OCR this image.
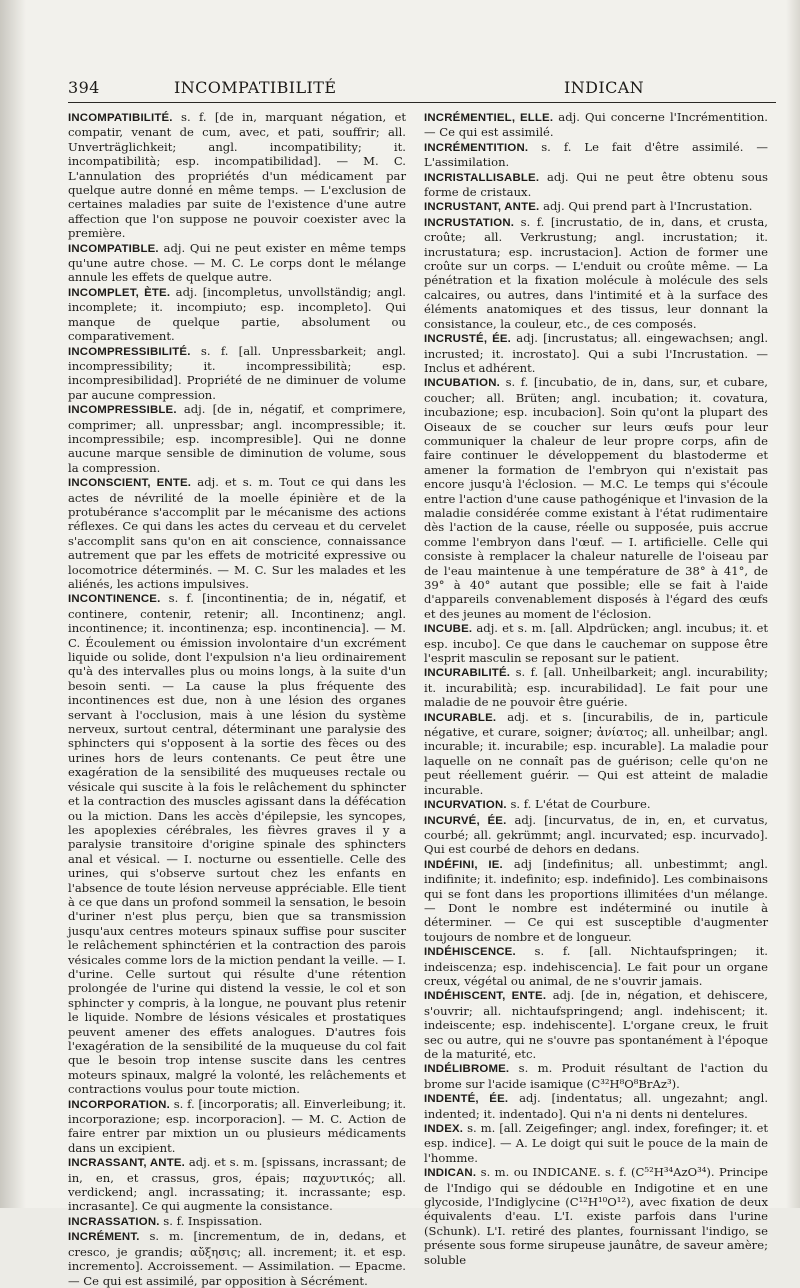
394	INCOMPATIBILITÉ	INDICAN

INCOMPATIBILITÉ. s. f. [de in, marquant négation, et compatir, venant de cum, avec, et pati, souffrir; all. Unverträglichkeit; angl. incompatibility; it. incompatibilità; esp. incompatibilidad]. — M. C. L'annulation des propriétés d'un médicament par quelque autre donné en même temps. — L'exclusion de certaines maladies par suite de l'existence d'une autre affection que l'on suppose ne pouvoir coexister avec la première.

INCOMPATIBLE. adj. Qui ne peut exister en même temps qu'une autre chose. — M. C. Le corps dont le mélange annule les effets de quelque autre.

INCOMPLET, ÈTE. adj. [incompletus, unvollständig; angl. incomplete; it. incompiuto; esp. incompleto]. Qui manque de quelque partie, absolument ou comparativement.

INCOMPRESSIBILITÉ. s. f. [all. Unpressbarkeit; angl. incompressibility; it. incompressibilità; esp. incompresibilidad]. Propriété de ne diminuer de volume par aucune compression.

INCOMPRESSIBLE. adj. [de in, négatif, et comprimere, comprimer; all. unpressbar; angl. incompressible; it. incompressibile; esp. incompresible]. Qui ne donne aucune marque sensible de diminution de volume, sous la compression.

INCONSCIENT, ENTE. adj. et s. m. Tout ce qui dans les actes de névrilité de la moelle épinière et de la protubérance s'accomplit par le mécanisme des actions réflexes. Ce qui dans les actes du cerveau et du cervelet s'accomplit sans qu'on en ait conscience, connaissance autrement que par les effets de motricité expressive ou locomotrice déterminés. — M. C. Sur les malades et les aliénés, les actions impulsives.

INCONTINENCE. s. f. [incontinentia; de in, négatif, et continere, contenir, retenir; all. Incontinenz; angl. incontinence; it. incontinenza; esp. incontinencia]. — M. C. Écoulement ou émission involontaire d'un excrément liquide ou solide, dont l'expulsion n'a lieu ordinairement qu'à des intervalles plus ou moins longs, à la suite d'un besoin senti. — La cause la plus fréquente des incontinences est due, non à une lésion des organes servant à l'occlusion, mais à une lésion du système nerveux, surtout central, déterminant une paralysie des sphincters qui s'opposent à la sortie des fèces ou des urines hors de leurs contenants. Ce peut être une exagération de la sensibilité des muqueuses rectale ou vésicale qui suscite à la fois le relâchement du sphincter et la contraction des muscles agissant dans la défécation ou la miction. Dans les accès d'épilepsie, les syncopes, les apoplexies cérébrales, les fièvres graves il y a paralysie transitoire d'origine spinale des sphincters anal et vésical. — I. nocturne ou essentielle. Celle des urines, qui s'observe surtout chez les enfants en l'absence de toute lésion nerveuse appréciable. Elle tient à ce que dans un profond sommeil la sensation, le besoin d'uriner n'est plus perçu, bien que sa transmission jusqu'aux centres moteurs spinaux suffise pour susciter le relâchement sphinctérien et la contraction des parois vésicales comme lors de la miction pendant la veille. — I. d'urine. Celle surtout qui résulte d'une rétention prolongée de l'urine qui distend la vessie, le col et son sphincter y compris, à la longue, ne pouvant plus retenir le liquide. Nombre de lésions vésicales et prostatiques peuvent amener des effets analogues. D'autres fois l'exagération de la sensibilité de la muqueuse du col fait que le besoin trop intense suscite dans les centres moteurs spinaux, malgré la volonté, les relâchements et contractions voulus pour toute miction.

INCORPORATION. s. f. [incorporatis; all. Einverleibung; it. incorporazione; esp. incorporacion]. — M. C. Action de faire entrer par mixtion un ou plusieurs médicaments dans un excipient.

INCRASSANT, ANTE. adj. et s. m. [spissans, incrassant; de in, en, et crassus, gros, épais; παχυντικός; all. verdickend; angl. incrassating; it. incrassante; esp. incrasante]. Ce qui augmente la consistance.

INCRASSATION. s. f. Inspissation.

INCRÉMENT. s. m. [incrementum, de in, dedans, et cresco, je grandis; αὔξησις; all. increment; it. et esp. incremento]. Accroissement. — Assimilation. — Epacme. — Ce qui est assimilé, par opposition à Sécrément.

INCRÉMENTIEL, ELLE. adj. Qui concerne l'Incrémentition. — Ce qui est assimilé.

INCRÉMENTITION. s. f. Le fait d'être assimilé. — L'assimilation.

INCRISTALLISABLE. adj. Qui ne peut être obtenu sous forme de cristaux.

INCRUSTANT, ANTE. adj. Qui prend part à l'Incrustation.

INCRUSTATION. s. f. [incrustatio, de in, dans, et crusta, croûte; all. Verkrustung; angl. incrustation; it. incrustatura; esp. incrustacion]. Action de former une croûte sur un corps. — L'enduit ou croûte même. — La pénétration et la fixation molécule à molécule des sels calcaires, ou autres, dans l'intimité et à la surface des éléments anatomiques et des tissus, leur donnant la consistance, la couleur, etc., de ces composés.

INCRUSTÉ, ÉE. adj. [incrustatus; all. eingewachsen; angl. incrusted; it. incrostato]. Qui a subi l'Incrustation. — Inclus et adhérent.

INCUBATION. s. f. [incubatio, de in, dans, sur, et cubare, coucher; all. Brüten; angl. incubation; it. covatura, incubazione; esp. incubacion]. Soin qu'ont la plupart des Oiseaux de se coucher sur leurs œufs pour leur communiquer la chaleur de leur propre corps, afin de faire continuer le développement du blastoderme et amener la formation de l'embryon qui n'existait pas encore jusqu'à l'éclosion. — M.C. Le temps qui s'écoule entre l'action d'une cause pathogénique et l'invasion de la maladie considérée comme existant à l'état rudimentaire dès l'action de la cause, réelle ou supposée, puis accrue comme l'embryon dans l'œuf. — I. artificielle. Celle qui consiste à remplacer la chaleur naturelle de l'oiseau par de l'eau maintenue à une température de 38° à 41°, de 39° à 40° autant que possible; elle se fait à l'aide d'appareils convenablement disposés à l'égard des œufs et des jeunes au moment de l'éclosion.

INCUBE. adj. et s. m. [all. Alpdrücken; angl. incubus; it. et esp. incubo]. Ce que dans le cauchemar on suppose être l'esprit masculin se reposant sur le patient.

INCURABILITÉ. s. f. [all. Unheilbarkeit; angl. incurability; it. incurabilità; esp. incurabilidad]. Le fait pour une maladie de ne pouvoir être guérie.

INCURABLE. adj. et s. [incurabilis, de in, particule négative, et curare, soigner; ἀνίατος; all. unheilbar; angl. incurable; it. incurabile; esp. incurable]. La maladie pour laquelle on ne connaît pas de guérison; celle qu'on ne peut réellement guérir. — Qui est atteint de maladie incurable.

INCURVATION. s. f. L'état de Courbure.

INCURVÉ, ÉE. adj. [incurvatus, de in, en, et curvatus, courbé; all. gekrümmt; angl. incurvated; esp. incurvado]. Qui est courbé de dehors en dedans.

INDÉFINI, IE. adj [indefinitus; all. unbestimmt; angl. indifinite; it. indefinito; esp. indefinido]. Les combinaisons qui se font dans les proportions illimitées d'un mélange. — Dont le nombre est indéterminé ou inutile à déterminer. — Ce qui est susceptible d'augmenter toujours de nombre et de longueur.

INDÉHISCENCE. s. f. [all. Nichtaufspringen; it. indeiscenza; esp. indehiscencia]. Le fait pour un organe creux, végétal ou animal, de ne s'ouvrir jamais.

INDÉHISCENT, ENTE. adj. [de in, négation, et dehiscere, s'ouvrir; all. nichtaufspringend; angl. indehiscent; it. indeiscente; esp. indehiscente]. L'organe creux, le fruit sec ou autre, qui ne s'ouvre pas spontanément à l'époque de la maturité, etc.

INDÉLIBROME. s. m. Produit résultant de l'action du brome sur l'acide isamique (C³²H⁸O⁸BrAz³).

INDENTÉ, ÉE. adj. [indentatus; all. ungezahnt; angl. indented; it. indentado]. Qui n'a ni dents ni dentelures.

INDEX. s. m. [all. Zeigefinger; angl. index, forefinger; it. et esp. indice]. — A. Le doigt qui suit le pouce de la main de l'homme.

INDICAN. s. m. ou INDICANE. s. f. (C⁵²H³⁴AzO³⁴). Principe de l'Indigo qui se dédouble en Indigotine et en une glycoside, l'Indiglycine (C¹²H¹⁰O¹²), avec fixation de deux équivalents d'eau. L'I. existe parfois dans l'urine (Schunk). L'I. retiré des plantes, fournissant l'indigo, se présente sous forme sirupeuse jaunâtre, de saveur amère; soluble
